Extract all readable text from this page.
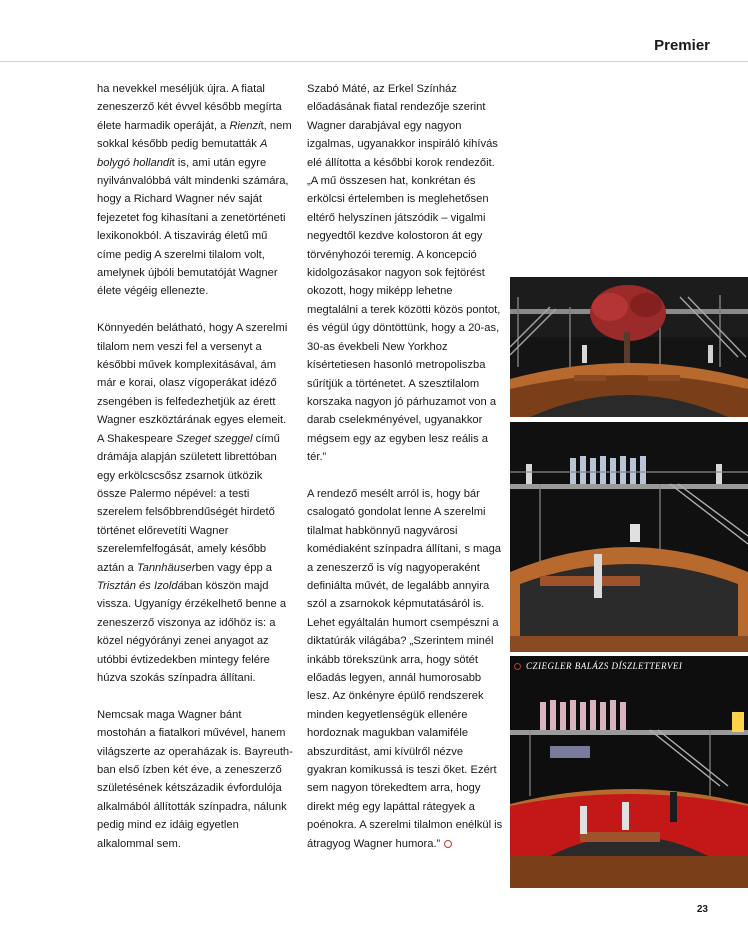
Premier

ha nevekkel meséljük újra. A fiatal zeneszerző két évvel később megírta élete harmadik operáját, a Rienzit, nem sokkal később pedig bemutatták A bolygó hollandit is, ami után egyre nyilvánvalóbbá vált mindenki számára, hogy a Richard Wagner név saját fejezetet fog kihasítani a zenetörténeti lexikonokból. A tiszavirág életű mű címe pedig A szerelmi tilalom volt, amelynek újbóli bemutatóját Wagner élete végéig ellenezte.

Könnyedén belátható, hogy A szerelmi tilalom nem veszi fel a versenyt a későbbi művek komplexitásával, ám már e korai, olasz vígoperákat idéző zsengében is felfedezhetjük az érett Wagner eszköztárának egyes elemeit. A Shakespeare Szeget szeggel című drámája alapján született librettóban egy erkölcscsősz zsarnok ütközik össze Palermo népével: a testi szerelem felsőbbrendűségét hirdető történet előrevetíti Wagner szerelemfelfogását, amely később aztán a Tannhäuserben vagy épp a Trisztán és Izoldában köszön majd vissza. Ugyanígy érzékelhető benne a zeneszerző viszonya az időhöz is: a közel négyórányi zenei anyagot az utóbbi évtizedekben mintegy felére húzva szokás színpadra állítani.

Nemcsak maga Wagner bánt mostohán a fiatalkori művével, hanem világszerte az operaházak is. Bayreuth-ban első ízben két éve, a zeneszerző születésének kétszázadik évfordulója alkalmából állították színpadra, nálunk pedig mind ez idáig egyetlen alkalommal sem.

Szabó Máté, az Erkel Színház előadásának fiatal rendezője szerint Wagner darabjával egy nagyon izgalmas, ugyanakkor inspiráló kihívás elé állította a későbbi korok rendezőit.

„A mű összesen hat, konkrétan és erkölcsi értelemben is meglehetősen eltérő helyszínen játszódik – vigalmi negyedtől kezdve kolostoron át egy törvényhozói teremig. A koncepció kidolgozásakor nagyon sok fejtörést okozott, hogy miképp lehetne megtalálni a terek közötti közös pontot, és végül úgy döntöttünk, hogy a 20-as, 30-as évekbeli New Yorkhoz kísértetiesen hasonló metropoliszba sűrítjük a történetet. A szesztilalom korszaka nagyon jó párhuzamot von a darab cselekményével, ugyanakkor mégsem egy az egyben lesz reális a tér.”

A rendező mesélt arról is, hogy bár csalogató gondolat lenne A szerelmi tilalmat habkönnyű nagyvárosi komédiaként színpadra állítani, s maga a zeneszerző is víg nagyoperaként definiálta művét, de legalább annyira szól a zsarnokok képmutatásáról is. Lehet egyáltalán humort csempészni a diktatúrák világába? „Szerintem minél inkább törekszünk arra, hogy sötét előadás legyen, annál humorosabb lesz. Az önkényre épülő rendszerek minden kegyetlenségük ellenére hordoznak magukban valamiféle abszurditást, ami kívülről nézve gyakran komikussá is teszi őket. Ezért sem nagyon törekedtem arra, hogy direkt még egy lapáttal rátegyek a poénokra. A szerelmi tilalmon enélkül is átragyog Wagner humora.”

CZIEGLER BALÁZS DÍSZLETTERVEI
23
